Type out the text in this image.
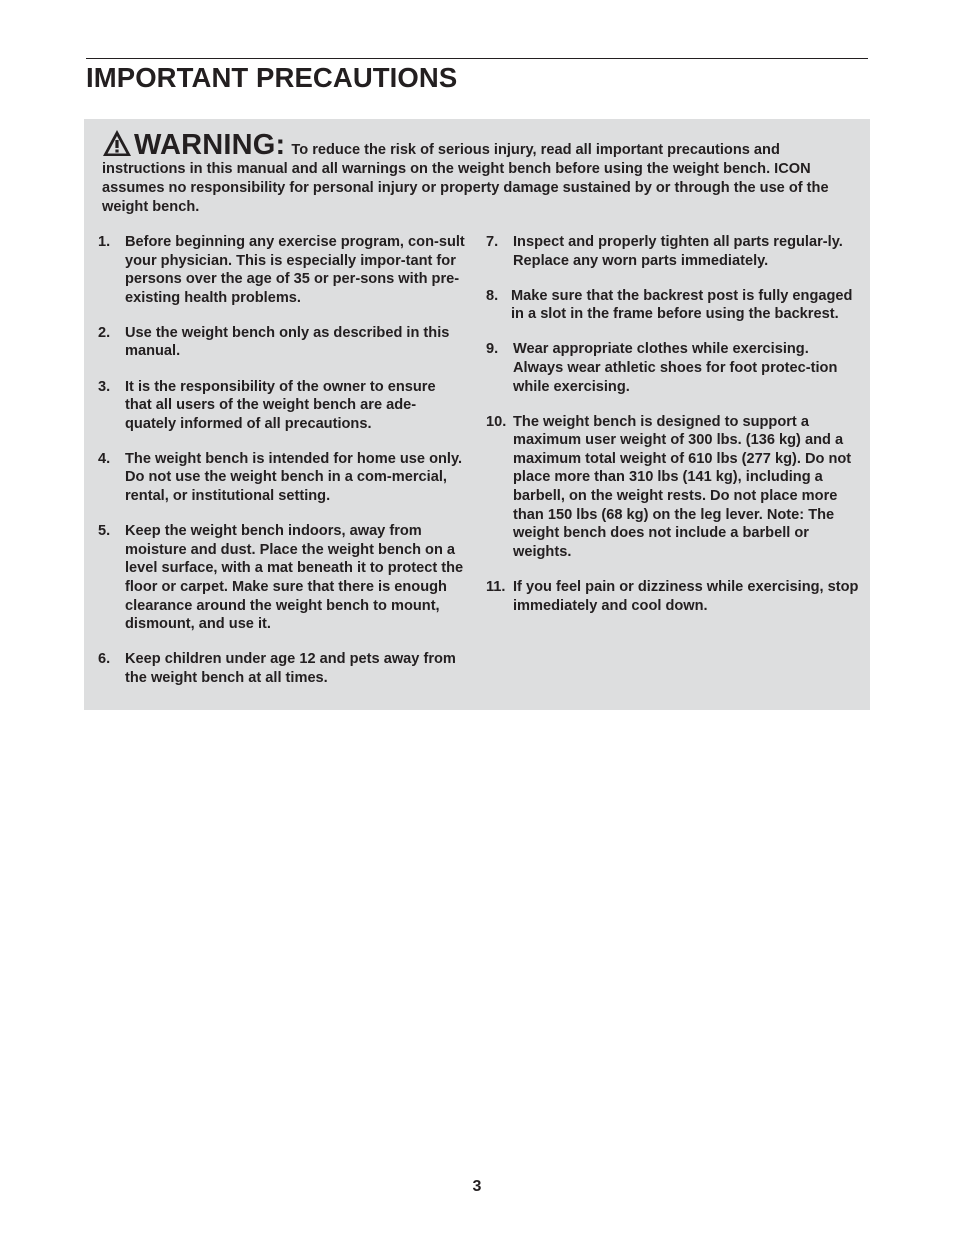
IMPORTANT PRECAUTIONS
WARNING: To reduce the risk of serious injury, read all important precautions and instructions in this manual and all warnings on the weight bench before using the weight bench. ICON assumes no responsibility for personal injury or property damage sustained by or through the use of the weight bench.
1. Before beginning any exercise program, con-sult your physician. This is especially impor-tant for persons over the age of 35 or per-sons with pre-existing health problems.
2. Use the weight bench only as described in this manual.
3. It is the responsibility of the owner to ensure that all users of the weight bench are ade-quately informed of all precautions.
4. The weight bench is intended for home use only. Do not use the weight bench in a com-mercial, rental, or institutional setting.
5. Keep the weight bench indoors, away from moisture and dust. Place the weight bench on a level surface, with a mat beneath it to protect the floor or carpet. Make sure that there is enough clearance around the weight bench to mount, dismount, and use it.
6. Keep children under age 12 and pets away from the weight bench at all times.
7. Inspect and properly tighten all parts regular-ly. Replace any worn parts immediately.
8. Make sure that the backrest post is fully engaged in a slot in the frame before using the backrest.
9. Wear appropriate clothes while exercising. Always wear athletic shoes for foot protec-tion while exercising.
10. The weight bench is designed to support a maximum user weight of 300 lbs. (136 kg) and a maximum total weight of 610 lbs (277 kg). Do not place more than 310 lbs (141 kg), including a barbell, on the weight rests. Do not place more than 150 lbs (68 kg) on the leg lever. Note: The weight bench does not include a barbell or weights.
11. If you feel pain or dizziness while exercising, stop immediately and cool down.
3
